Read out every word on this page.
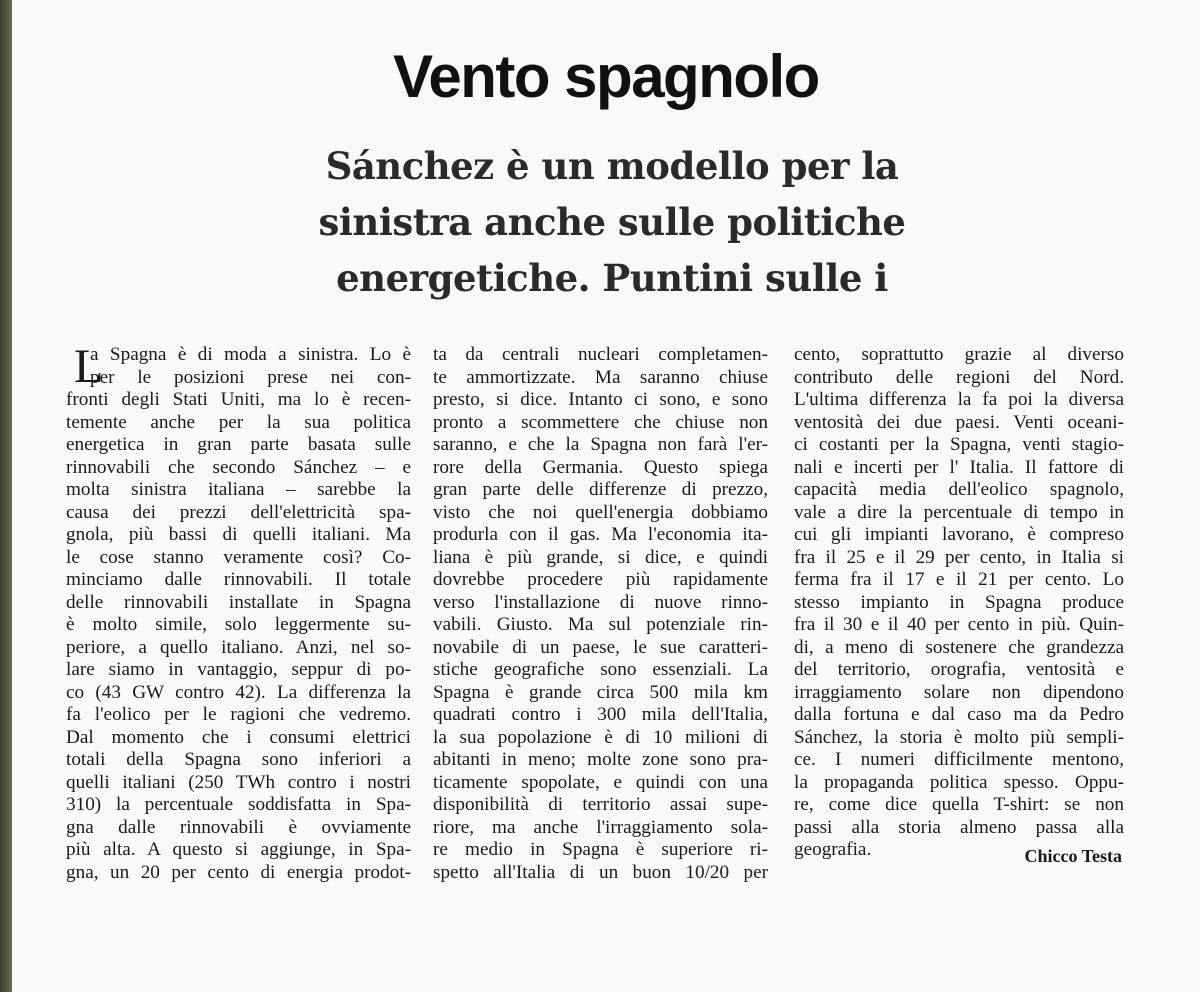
Vento spagnolo
Sánchez è un modello per la
sinistra anche sulle politiche
energetiche. Puntini sulle i
L
a Spagna è di moda a sinistra. Lo è
per le posizioni prese nei con-
fronti degli Stati Uniti, ma lo è recen-
temente anche per la sua politica
energetica in gran parte basata sulle
rinnovabili che secondo Sánchez – e
molta sinistra italiana – sarebbe la
causa dei prezzi dell'elettricità spa-
gnola, più bassi di quelli italiani. Ma
le cose stanno veramente così? Co-
minciamo dalle rinnovabili. Il totale
delle rinnovabili installate in Spagna
è molto simile, solo leggermente su-
periore, a quello italiano. Anzi, nel so-
lare siamo in vantaggio, seppur di po-
co (43 GW contro 42). La differenza la
fa l'eolico per le ragioni che vedremo.
Dal momento che i consumi elettrici
totali della Spagna sono inferiori a
quelli italiani (250 TWh contro i nostri
310) la percentuale soddisfatta in Spa-
gna dalle rinnovabili è ovviamente
più alta. A questo si aggiunge, in Spa-
gna, un 20 per cento di energia prodot-
ta da centrali nucleari completamen-
te ammortizzate. Ma saranno chiuse
presto, si dice. Intanto ci sono, e sono
pronto a scommettere che chiuse non
saranno, e che la Spagna non farà l'er-
rore della Germania. Questo spiega
gran parte delle differenze di prezzo,
visto che noi quell'energia dobbiamo
produrla con il gas. Ma l'economia ita-
liana è più grande, si dice, e quindi
dovrebbe procedere più rapidamente
verso l'installazione di nuove rinno-
vabili. Giusto. Ma sul potenziale rin-
novabile di un paese, le sue caratteri-
stiche geografiche sono essenziali. La
Spagna è grande circa 500 mila km
quadrati contro i 300 mila dell'Italia,
la sua popolazione è di 10 milioni di
abitanti in meno; molte zone sono pra-
ticamente spopolate, e quindi con una
disponibilità di territorio assai supe-
riore, ma anche l'irraggiamento sola-
re medio in Spagna è superiore ri-
spetto all'Italia di un buon 10/20 per
cento, soprattutto grazie al diverso
contributo delle regioni del Nord.
L'ultima differenza la fa poi la diversa
ventosità dei due paesi. Venti oceani-
ci costanti per la Spagna, venti stagio-
nali e incerti per l' Italia. Il fattore di
capacità media dell'eolico spagnolo,
vale a dire la percentuale di tempo in
cui gli impianti lavorano, è compreso
fra il 25 e il 29 per cento, in Italia si
ferma fra il 17 e il 21 per cento. Lo
stesso impianto in Spagna produce
fra il 30 e il 40 per cento in più. Quin-
di, a meno di sostenere che grandezza
del territorio, orografia, ventosità e
irraggiamento solare non dipendono
dalla fortuna e dal caso ma da Pedro
Sánchez, la storia è molto più sempli-
ce. I numeri difficilmente mentono,
la propaganda politica spesso. Oppu-
re, come dice quella T-shirt: se non
passi alla storia almeno passa alla
geografia.	Chicco Testa
